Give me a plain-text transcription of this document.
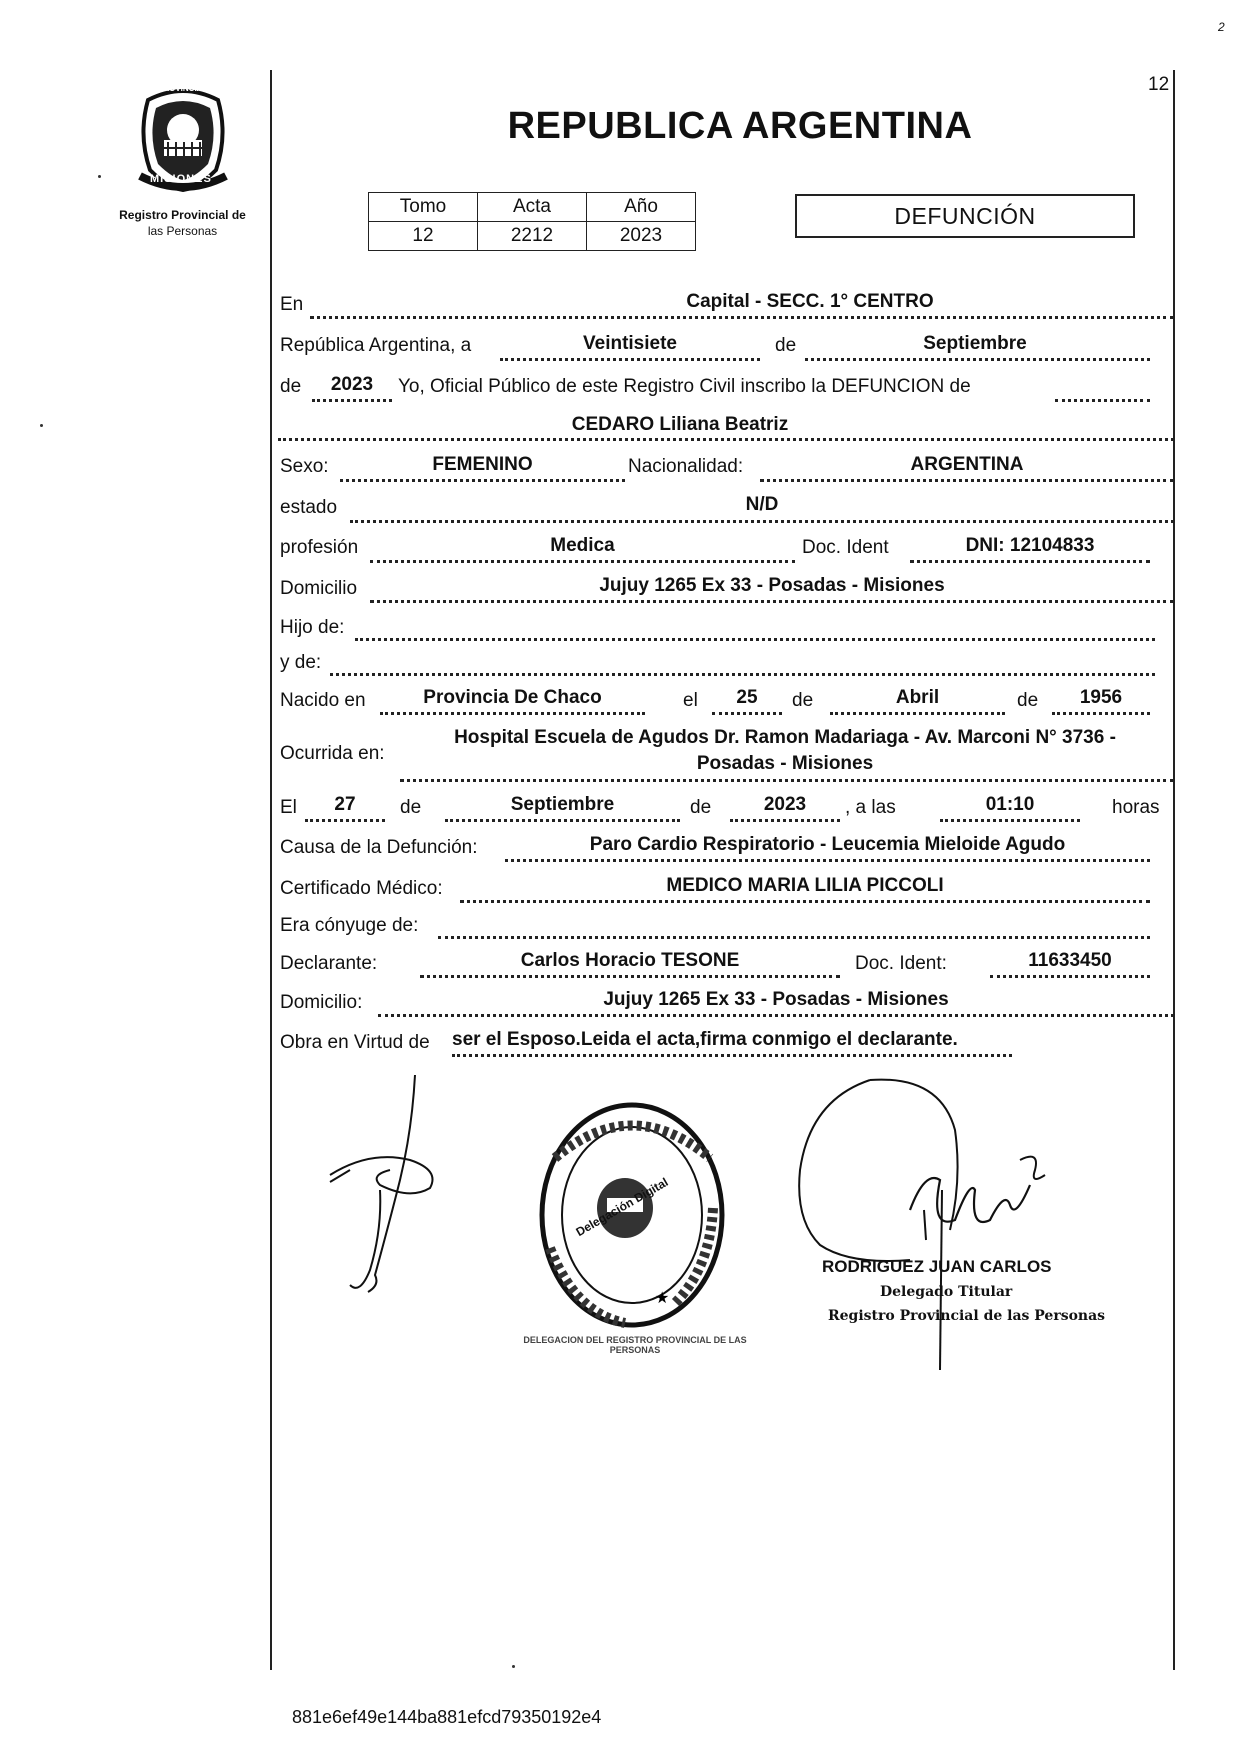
12
2
PROVINCIA DE
MISIONES
Registro Provincial de
las Personas
REPUBLICA ARGENTINA
Tomo	Acta	Año
12	2212	2023
DEFUNCIÓN
En	Capital - SECC. 1° CENTRO
República Argentina, a	Veintisiete	de	Septiembre
de	2023	Yo, Oficial Público de este Registro Civil inscribo la DEFUNCION de
CEDARO Liliana Beatriz
Sexo:	FEMENINO	Nacionalidad:	ARGENTINA
estado	N/D
profesión	Medica	Doc. Ident	DNI: 12104833
Domicilio	Jujuy 1265 Ex 33 - Posadas - Misiones
Hijo de:
y de:
Nacido en	Provincia De Chaco	el	25	de	Abril	de	1956
Ocurrida en:
Hospital Escuela de Agudos Dr. Ramon Madariaga - Av. Marconi N° 3736 -
Posadas - Misiones
El	27	de	Septiembre	de	2023	, a las	01:10	horas
Causa de la Defunción:	Paro Cardio Respiratorio - Leucemia Mieloide Agudo
Certificado Médico:	MEDICO MARIA LILIA PICCOLI
Era cónyuge de:
Declarante:	Carlos Horacio TESONE	Doc. Ident:	11633450
Domicilio:	Jujuy 1265 Ex 33 - Posadas - Misiones
Obra en Virtud de ser el Esposo.Leida el acta,firma conmigo el declarante.
★
Delegación Digital
DELEGACION DEL REGISTRO PROVINCIAL DE LAS PERSONAS
RODRIGUEZ JUAN CARLOS
Delegado Titular
Registro Provincial de las Personas
881e6ef49e144ba881efcd79350192e4
